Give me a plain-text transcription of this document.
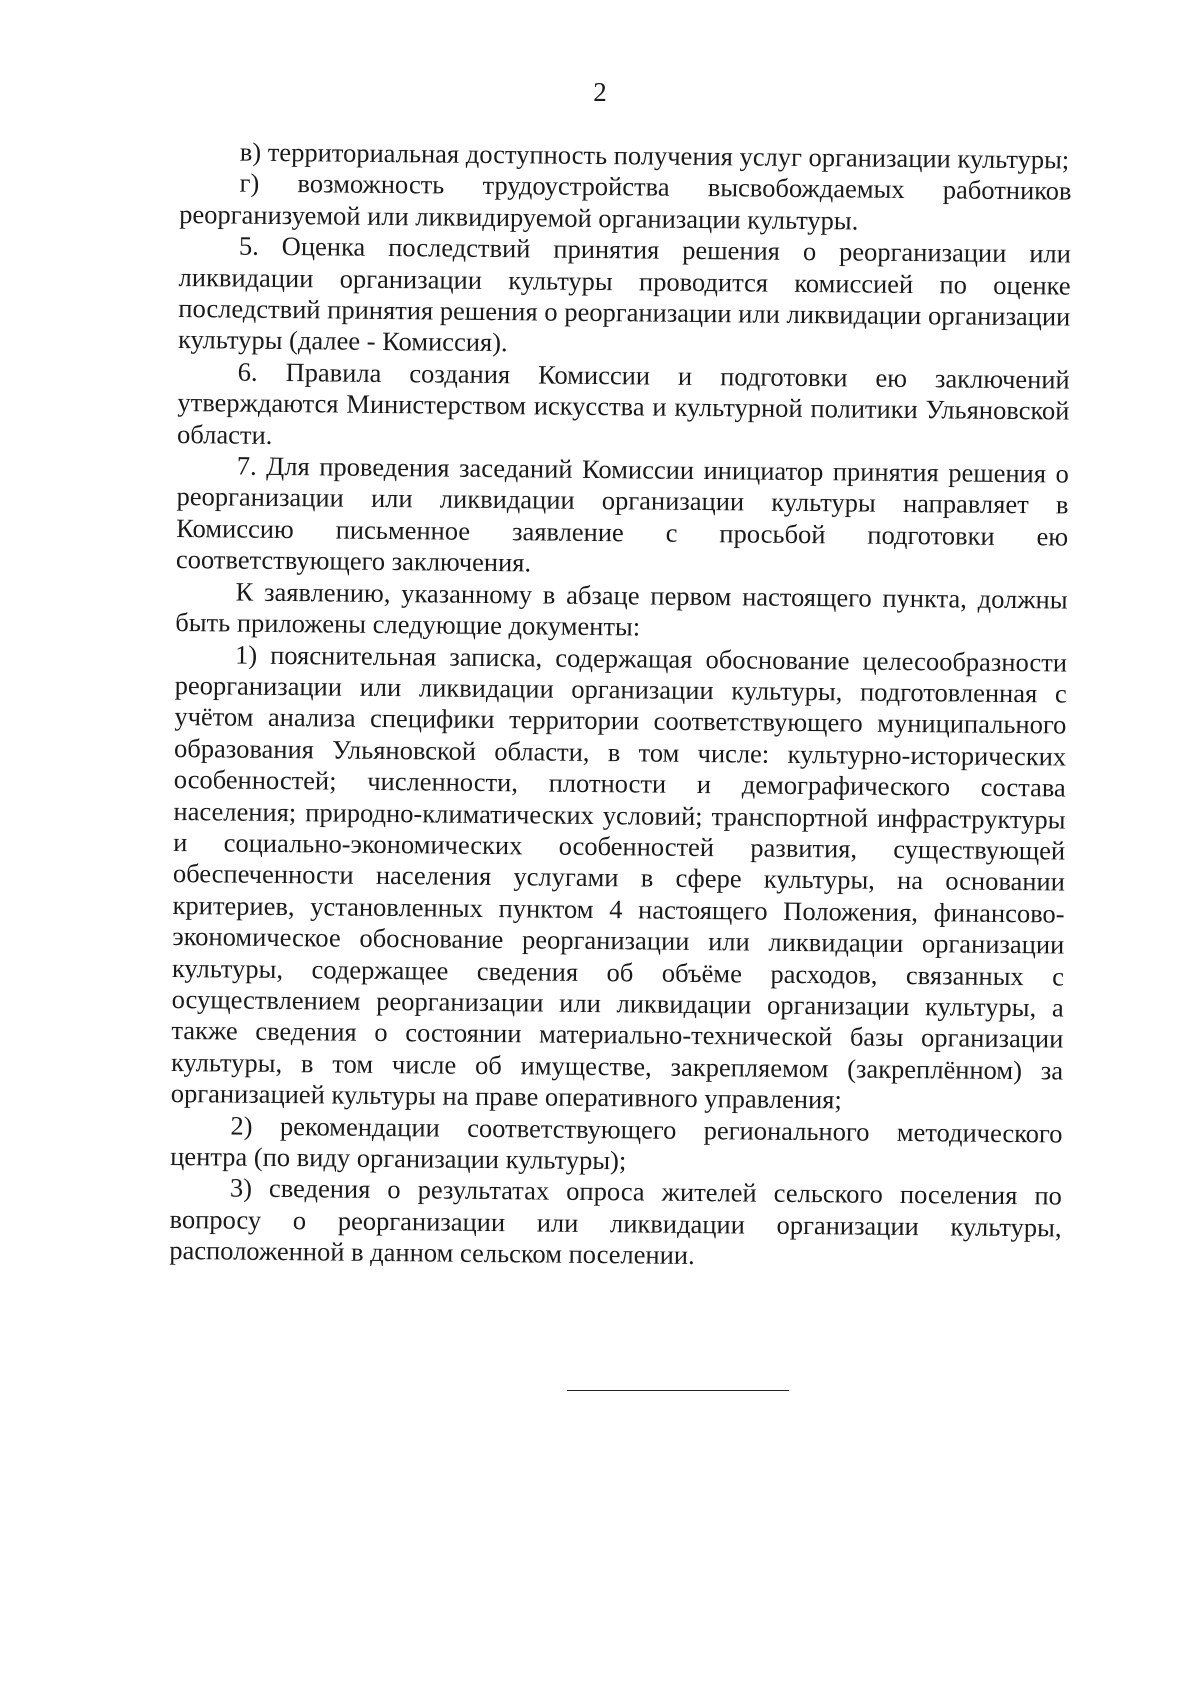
2

в) территориальная доступность получения услуг организации культуры;

г) возможность трудоустройства высвобождаемых работников реорганизуемой или ликвидируемой организации культуры.

5. Оценка последствий принятия решения о реорганизации или ликвидации организации культуры проводится комиссией по оценке последствий принятия решения о реорганизации или ликвидации организации культуры (далее - Комиссия).

6. Правила создания Комиссии и подготовки ею заключений утверждаются Министерством искусства и культурной политики Ульяновской области.

7. Для проведения заседаний Комиссии инициатор принятия решения о реорганизации или ликвидации организации культуры направляет в Комиссию письменное заявление с просьбой подготовки ею соответствующего заключения.

К заявлению, указанному в абзаце первом настоящего пункта, должны быть приложены следующие документы:

1) пояснительная записка, содержащая обоснование целесообразности реорганизации или ликвидации организации культуры, подготовленная с учётом анализа специфики территории соответствующего муниципального образования Ульяновской области, в том числе: культурно-исторических особенностей; численности, плотности и демографического состава населения; природно-климатических условий; транспортной инфраструктуры и социально-экономических особенностей развития, существующей обеспеченности населения услугами в сфере культуры, на основании критериев, установленных пунктом 4 настоящего Положения, финансово-экономическое обоснование реорганизации или ликвидации организации культуры, содержащее сведения об объёме расходов, связанных с осуществлением реорганизации или ликвидации организации культуры, а также сведения о состоянии материально-технической базы организации культуры, в том числе об имуществе, закрепляемом (закреплённом) за организацией культуры на праве оперативного управления;

2) рекомендации соответствующего регионального методического центра (по виду организации культуры);

3) сведения о результатах опроса жителей сельского поселения по вопросу о реорганизации или ликвидации организации культуры, расположенной в данном сельском поселении.
